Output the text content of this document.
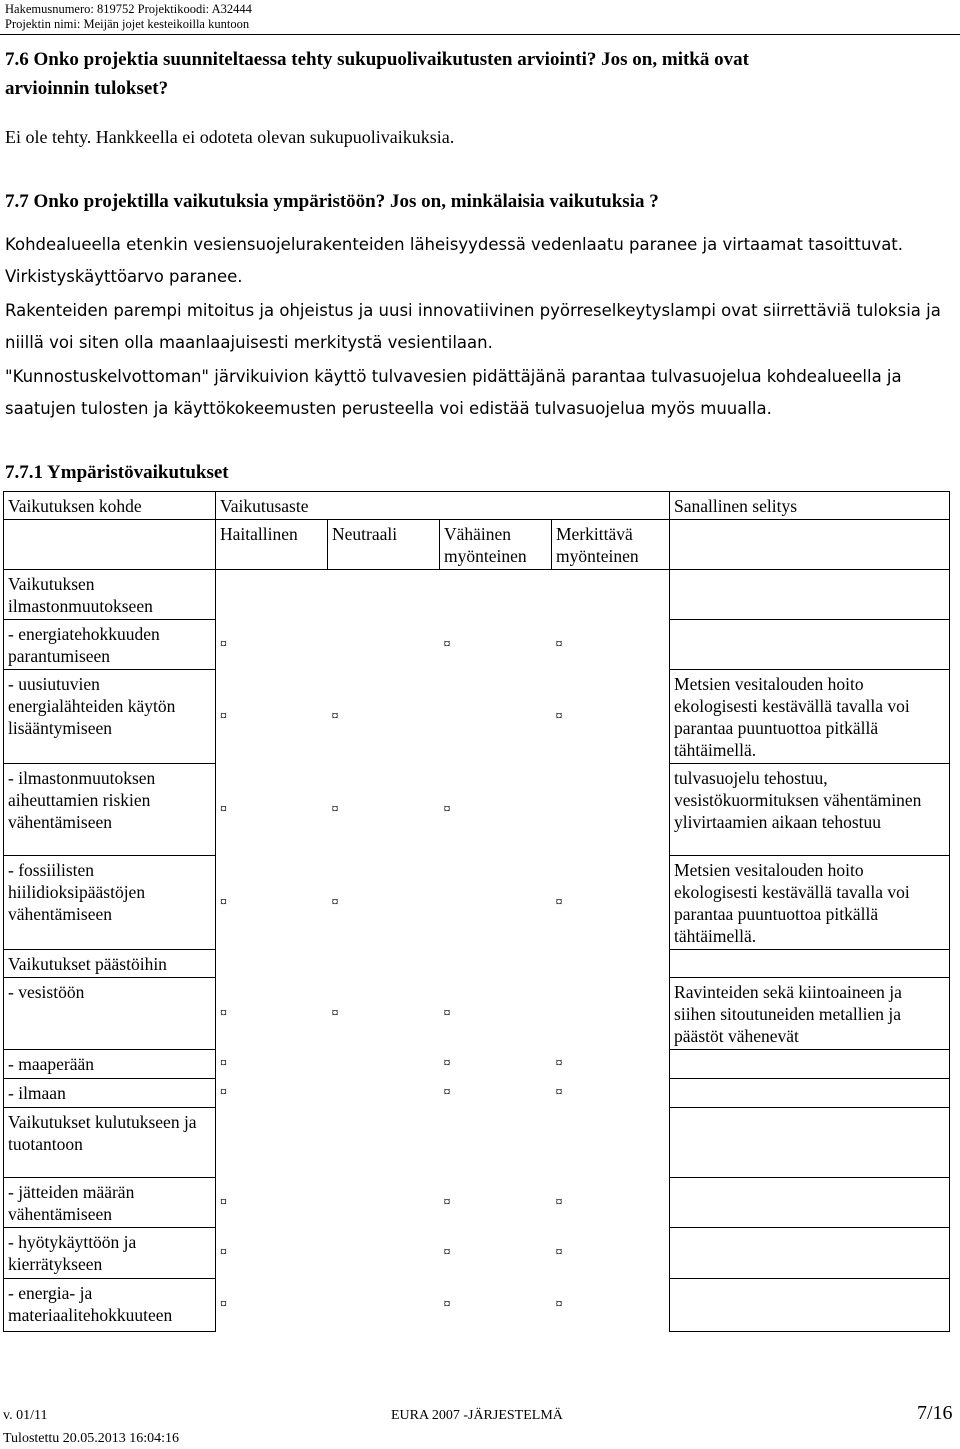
Hakemusnumero: 819752 Projektikoodi: A32444
Projektin nimi: Meijän jojet kesteikoilla kuntoon
7.6 Onko projektia suunniteltaessa tehty sukupuolivaikutusten arviointi? Jos on, mitkä ovat
arvioinnin tulokset?
Ei ole tehty. Hankkeella ei odoteta olevan sukupuolivaikuksia.
7.7 Onko projektilla vaikutuksia ympäristöön? Jos on, minkälaisia vaikutuksia ?
Kohdealueella etenkin vesiensuojelurakenteiden läheisyydessä vedenlaatu paranee ja virtaamat tasoittuvat.
Virkistyskäyttöarvo paranee.
Rakenteiden parempi mitoitus ja ohjeistus ja uusi innovatiivinen pyörreselkeytyslampi ovat siirrettäviä tuloksia ja niillä voi siten olla maanlaajuisesti merkitystä vesientilaan.
"Kunnostuskelvottoman" järvikuivion käyttö tulvavesien pidättäjänä parantaa tulvasuojelua kohdealueella ja saatujen tulosten ja käyttökokeemusten perusteella voi edistää tulvasuojelua myös muualla.
7.7.1 Ympäristövaikutukset
Vaikutuksen kohde	Vaikutusaste				Sanallinen selitys
	Haitallinen	Neutraali	Vähäinen myönteinen	Merkittävä myönteinen	
Vaikutuksen ilmastonmuutokseen					
- energiatehokkuuden parantumiseen	¤		¤	¤	
- uusiutuvien energialähteiden käytön lisääntymiseen	¤	¤		¤	Metsien vesitalouden hoito ekologisesti kestävällä tavalla voi parantaa puuntuottoa pitkällä tähtäimellä.
- ilmastonmuutoksen aiheuttamien riskien vähentämiseen	¤	¤	¤		tulvasuojelu tehostuu, vesistökuormituksen vähentäminen ylivirtaamien aikaan tehostuu
- fossiilisten hiilidioksipäästöjen vähentämiseen	¤	¤		¤	Metsien vesitalouden hoito ekologisesti kestävällä tavalla voi parantaa puuntuottoa pitkällä tähtäimellä.
Vaikutukset päästöihin					
- vesistöön	¤	¤	¤		Ravinteiden sekä kiintoaineen ja siihen sitoutuneiden metallien ja päästöt vähenevät
- maaperään	¤		¤	¤	
- ilmaan	¤		¤	¤	
Vaikutukset kulutukseen ja tuotantoon					
- jätteiden määrän vähentämiseen	¤		¤	¤	
- hyötykäyttöön ja kierrätykseen	¤		¤	¤	
- energia- ja materiaalitehokkuuteen	¤		¤	¤	
v. 01/11	EURA 2007 -JÄRJESTELMÄ	7/16
Tulostettu 20.05.2013 16:04:16
